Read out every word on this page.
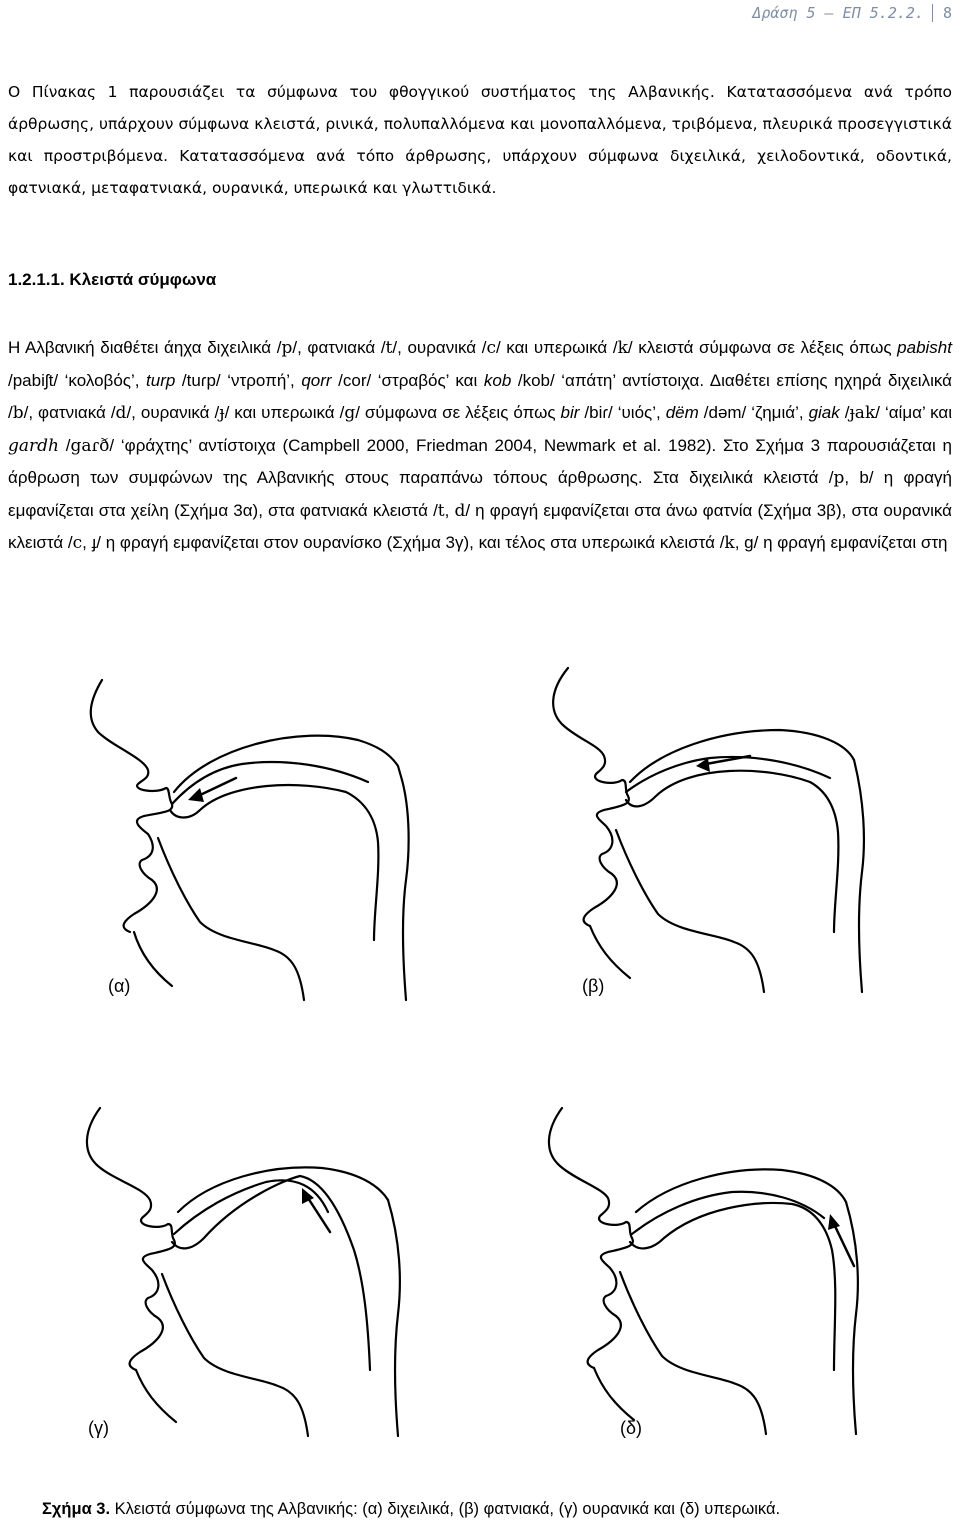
Δράση 5 – ΕΠ 5.2.2. 8

Ο Πίνακας 1 παρουσιάζει τα σύμφωνα του φθογγικού συστήματος της Αλβανικής. Κατατασσόμενα ανά τρόπο άρθρωσης, υπάρχουν σύμφωνα κλειστά, ρινικά, πολυπαλλόμενα και μονοπαλλόμενα, τριβόμενα, πλευρικά προσεγγιστικά και προστριβόμενα. Κατατασσόμενα ανά τόπο άρθρωσης, υπάρχουν σύμφωνα διχειλικά, χειλοδοντικά, οδοντικά, φατνιακά, μεταφατνιακά, ουρανικά, υπερωικά και γλωττιδικά.

1.2.1.1. Κλειστά σύμφωνα

Η Αλβανική διαθέτει άηχα διχειλικά /p/, φατνιακά /t/, ουρανικά /c/ και υπερωικά /k/ κλειστά σύμφωνα σε λέξεις όπως pabisht /pabiʃt/ ‘κολοβός’, turp /tuɾp/ ‘ντροπή’, qorr /cor/ ‘στραβός’ και kob /kob/ ‘απάτη’ αντίστοιχα. Διαθέτει επίσης ηχηρά διχειλικά /b/, φατνιακά /d/, ουρανικά /ɟ/ και υπερωικά /g/ σύμφωνα σε λέξεις όπως bir /biɾ/ ‘υιός’, dëm /dəm/ ‘ζημιά’, giak /ɟak/ ‘αίμα’ και gardh /gaɾð/ ‘φράχτης’ αντίστοιχα (Campbell 2000, Friedman 2004, Newmark et al. 1982). Στο Σχήμα 3 παρουσιάζεται η άρθρωση των συμφώνων της Αλβανικής στους παραπάνω τόπους άρθρωσης. Στα διχειλικά κλειστά /p, b/ η φραγή εμφανίζεται στα χείλη (Σχήμα 3α), στα φατνιακά κλειστά /t, d/ η φραγή εμφανίζεται στα άνω φατνία (Σχήμα 3β), στα ουρανικά κλειστά /c, ɟ/ η φραγή εμφανίζεται στον ουρανίσκο (Σχήμα 3γ), και τέλος στα υπερωικά κλειστά /k, g/ η φραγή εμφανίζεται στη

(α)	(β)
(γ)	(δ)

Σχήμα 3. Κλειστά σύμφωνα της Αλβανικής: (α) διχειλικά, (β) φατνιακά, (γ) ουρανικά και (δ) υπερωικά.
